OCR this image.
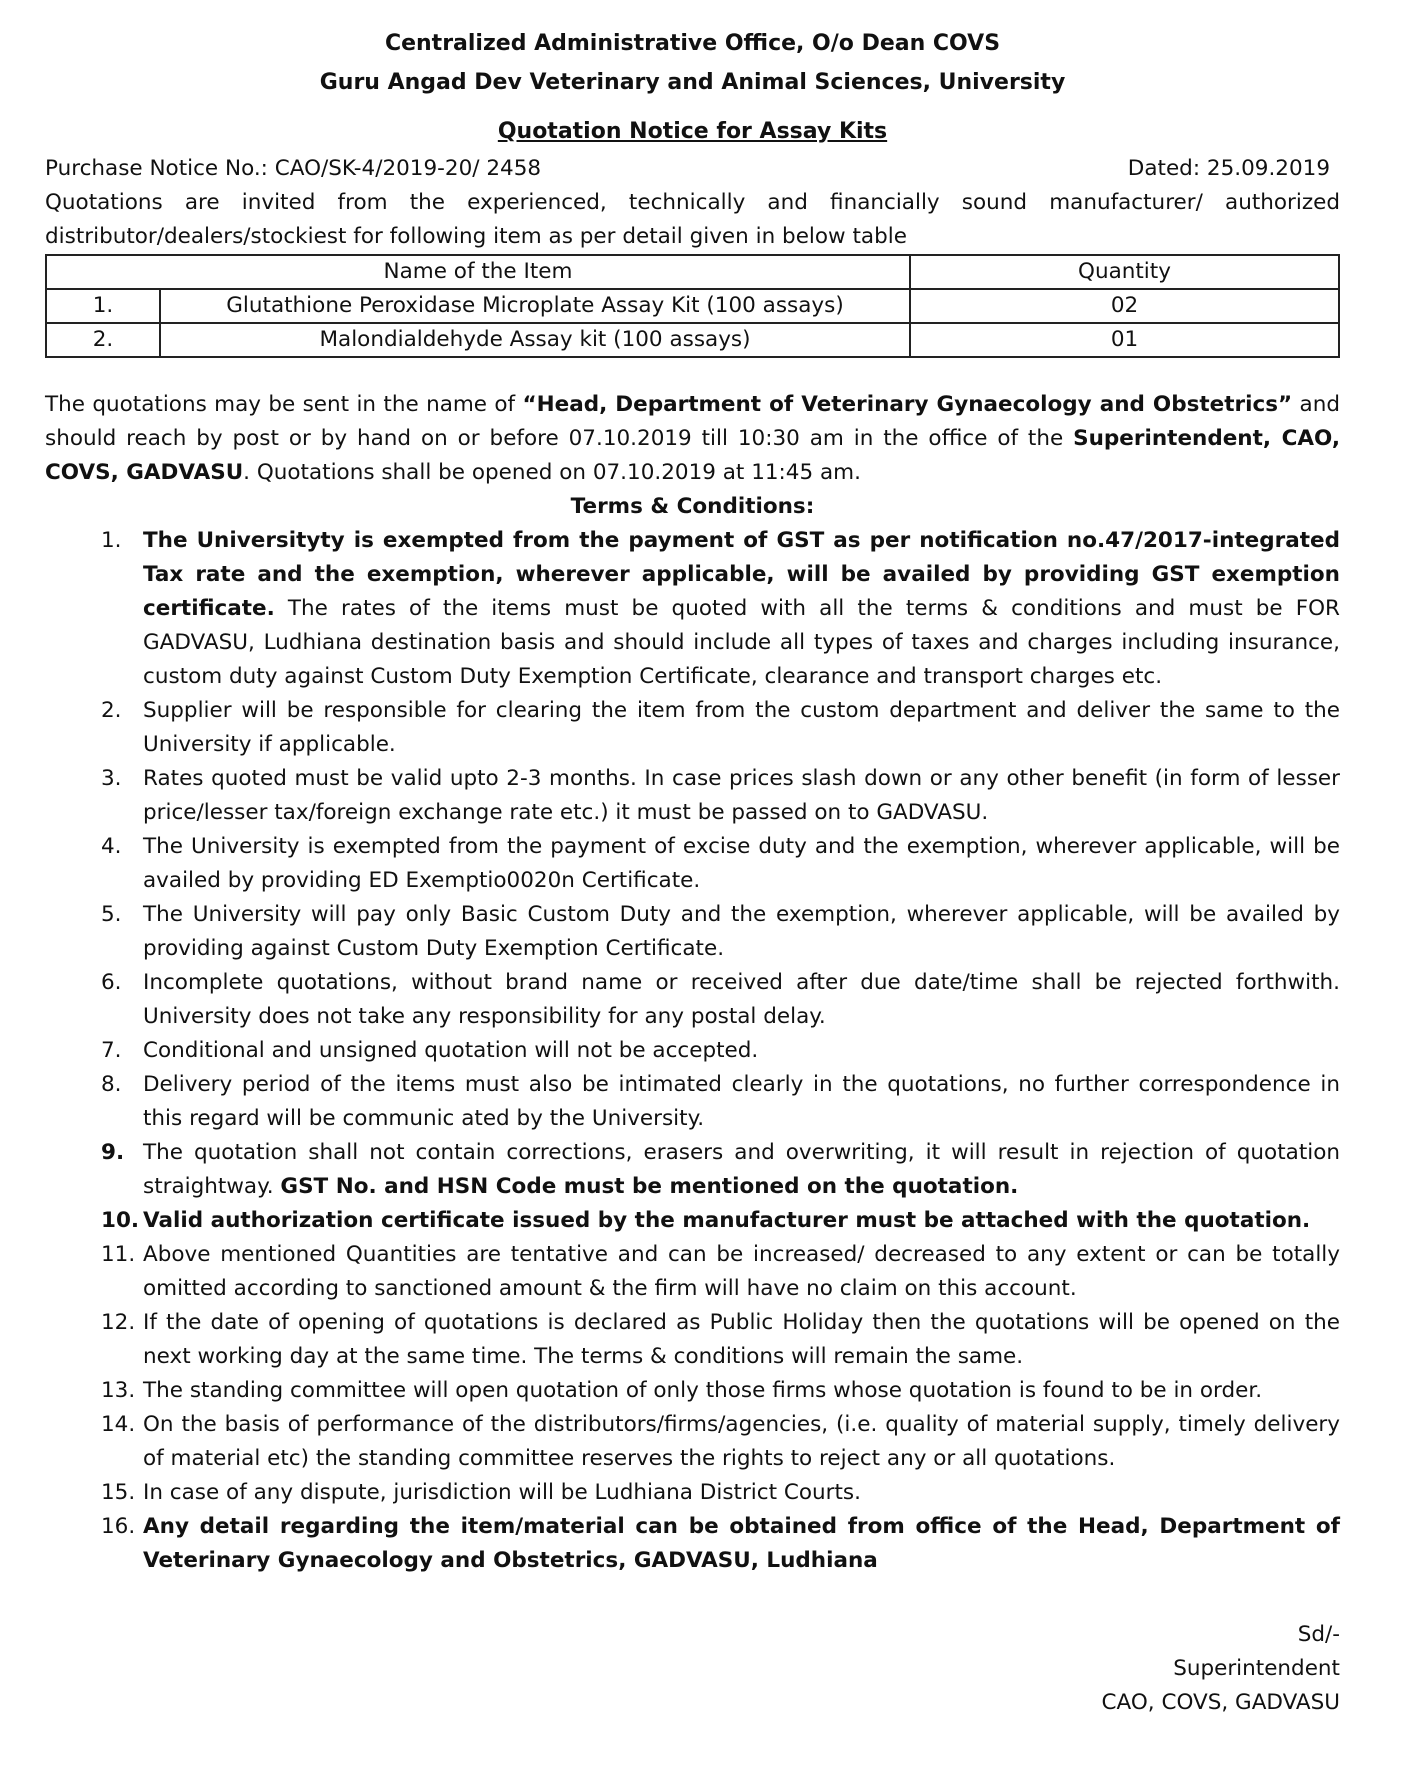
Centralized Administrative Office, O/o Dean COVS
Guru Angad Dev Veterinary and Animal Sciences, University
Quotation Notice for Assay Kits
Purchase Notice No.: CAO/SK-4/2019-20/ 2458	Dated: 25.09.2019
Quotations are invited from the experienced, technically and financially sound manufacturer/ authorized distributor/dealers/stockiest for following item as per detail given in below table
Name of the Item		Quantity
1.	Glutathione Peroxidase Microplate Assay Kit (100 assays)	02
2.	Malondialdehyde Assay kit (100 assays)	01
The quotations may be sent in the name of “Head, Department of Veterinary Gynaecology and Obstetrics” and should reach by post or by hand on or before 07.10.2019 till 10:30 am in the office of the Superintendent, CAO, COVS, GADVASU. Quotations shall be opened on 07.10.2019 at 11:45 am.
Terms & Conditions:
1. The Universityty is exempted from the payment of GST as per notification no.47/2017-integrated Tax rate and the exemption, wherever applicable, will be availed by providing GST exemption certificate. The rates of the items must be quoted with all the terms & conditions and must be FOR GADVASU, Ludhiana destination basis and should include all types of taxes and charges including insurance, custom duty against Custom Duty Exemption Certificate, clearance and transport charges etc.
2. Supplier will be responsible for clearing the item from the custom department and deliver the same to the University if applicable.
3. Rates quoted must be valid upto 2-3 months. In case prices slash down or any other benefit (in form of lesser price/lesser tax/foreign exchange rate etc.) it must be passed on to GADVASU.
4. The University is exempted from the payment of excise duty and the exemption, wherever applicable, will be availed by providing ED Exemptio0020n Certificate.
5. The University will pay only Basic Custom Duty and the exemption, wherever applicable, will be availed by providing against Custom Duty Exemption Certificate.
6. Incomplete quotations, without brand name or received after due date/time shall be rejected forthwith. University does not take any responsibility for any postal delay.
7. Conditional and unsigned quotation will not be accepted.
8. Delivery period of the items must also be intimated clearly in the quotations, no further correspondence in this regard will be communic ated by the University.
9. The quotation shall not contain corrections, erasers and overwriting, it will result in rejection of quotation straightway. GST No. and HSN Code must be mentioned on the quotation.
10. Valid authorization certificate issued by the manufacturer must be attached with the quotation.
11. Above mentioned Quantities are tentative and can be increased/ decreased to any extent or can be totally omitted according to sanctioned amount & the firm will have no claim on this account.
12. If the date of opening of quotations is declared as Public Holiday then the quotations will be opened on the next working day at the same time. The terms & conditions will remain the same.
13. The standing committee will open quotation of only those firms whose quotation is found to be in order.
14. On the basis of performance of the distributors/firms/agencies, (i.e. quality of material supply, timely delivery of material etc) the standing committee reserves the rights to reject any or all quotations.
15. In case of any dispute, jurisdiction will be Ludhiana District Courts.
16. Any detail regarding the item/material can be obtained from office of the Head, Department of Veterinary Gynaecology and Obstetrics, GADVASU, Ludhiana
Sd/-
Superintendent
CAO, COVS, GADVASU
